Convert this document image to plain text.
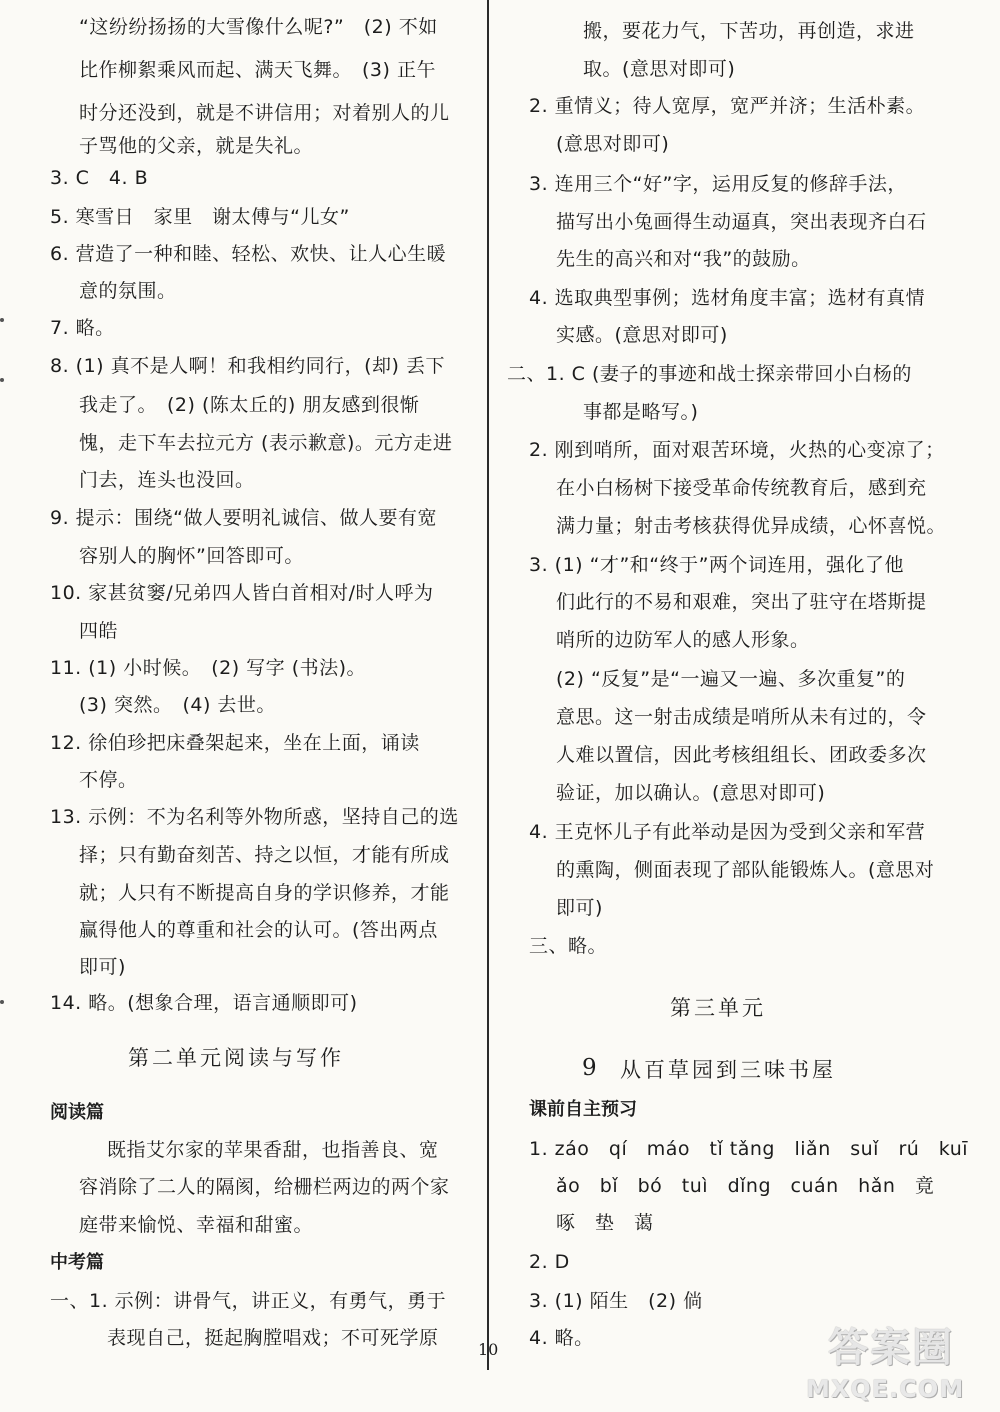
“这纷纷扬扬的大雪像什么呢?”　(2) 不如
比作柳絮乘风而起、满天飞舞。　(3) 正午
时分还没到，就是不讲信用；对着别人的儿
子骂他的父亲，就是失礼。
3. C　4. B
5. 寒雪日　家里　谢太傅与“儿女”
6. 营造了一种和睦、轻松、欢快、让人心生暖
意的氛围。
7. 略。
8. (1) 真不是人啊！和我相约同行，(却) 丢下
我走了。　(2) (陈太丘的) 朋友感到很惭
愧，走下车去拉元方 (表示歉意)。元方走进
门去，连头也没回。
9. 提示：围绕“做人要明礼诚信、做人要有宽
容别人的胸怀”回答即可。
10. 家甚贫窭/兄弟四人皆白首相对/时人呼为
四皓
11. (1) 小时候。　(2) 写字 (书法)。
(3) 突然。　(4) 去世。
12. 徐伯珍把床叠架起来，坐在上面，诵读
不停。
13. 示例：不为名利等外物所惑，坚持自己的选
择；只有勤奋刻苦、持之以恒，才能有所成
就；人只有不断提高自身的学识修养，才能
赢得他人的尊重和社会的认可。(答出两点
即可)
14. 略。(想象合理，语言通顺即可)
第二单元阅读与写作
阅读篇
既指艾尔家的苹果香甜，也指善良、宽
容消除了二人的隔阂，给栅栏两边的两个家
庭带来愉悦、幸福和甜蜜。
中考篇
一、1. 示例：讲骨气，讲正义，有勇气，勇于
表现自己，挺起胸膛唱戏；不可死学原
搬，要花力气，下苦功，再创造，求进
取。(意思对即可)
2. 重情义；待人宽厚，宽严并济；生活朴素。
(意思对即可)
3. 连用三个“好”字，运用反复的修辞手法，
描写出小兔画得生动逼真，突出表现齐白石
先生的高兴和对“我”的鼓励。
4. 选取典型事例；选材角度丰富；选材有真情
实感。(意思对即可)
二、1. C (妻子的事迹和战士探亲带回小白杨的
事都是略写。)
2. 刚到哨所，面对艰苦环境，火热的心变凉了；
在小白杨树下接受革命传统教育后，感到充
满力量；射击考核获得优异成绩，心怀喜悦。
3. (1) “才”和“终于”两个词连用，强化了他
们此行的不易和艰难，突出了驻守在塔斯提
哨所的边防军人的感人形象。
(2) “反复”是“一遍又一遍、多次重复”的
意思。这一射击成绩是哨所从未有过的，令
人难以置信，因此考核组组长、团政委多次
验证，加以确认。(意思对即可)
4. 王克怀儿子有此举动是因为受到父亲和军营
的熏陶，侧面表现了部队能锻炼人。(意思对
即可)
三、略。
第三单元
9 从百草园到三味书屋
课前自主预习
1. záo　qí　máo　tǐ tǎng　liǎn　suǐ　rú　kuī
ǎo　bǐ　bó　tuì　dǐng　cuán　hǎn　竟
啄　垫　蔼
2. D
3. (1) 陌生　(2) 倘
4. 略。
10	答案圈
MXQE.COM
